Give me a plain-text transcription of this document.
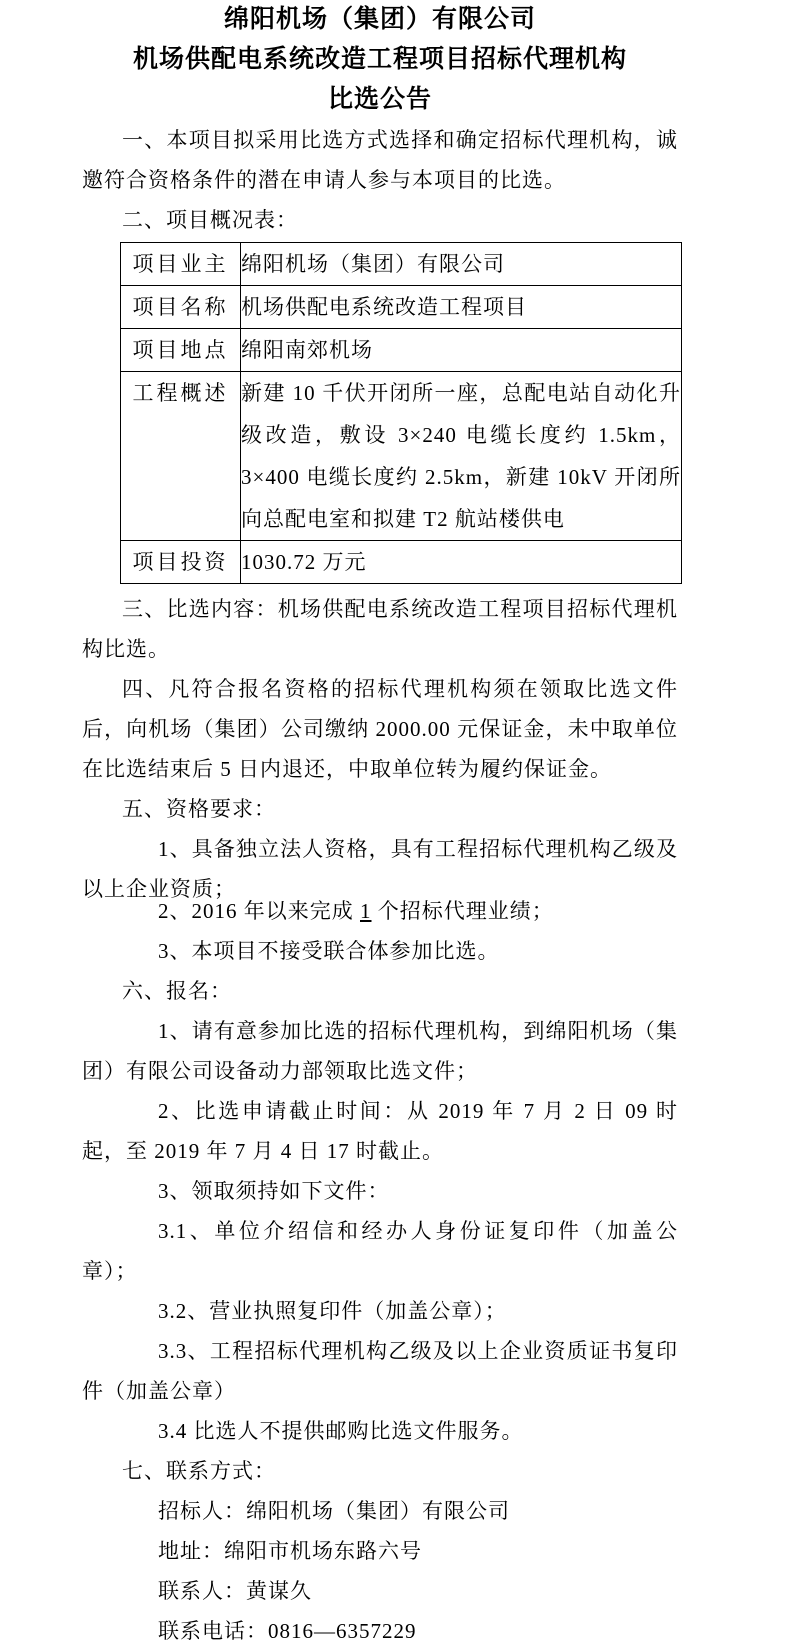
绵阳机场（集团）有限公司
机场供配电系统改造工程项目招标代理机构
比选公告
一、本项目拟采用比选方式选择和确定招标代理机构，诚邀符合资格条件的潜在申请人参与本项目的比选。
二、项目概况表：
项目业主	绵阳机场（集团）有限公司
项目名称	机场供配电系统改造工程项目
项目地点	绵阳南郊机场
工程概述	新建 10 千伏开闭所一座，总配电站自动化升级改造，敷设 3×240 电缆长度约 1.5km，3×400 电缆长度约 2.5km，新建 10kV 开闭所向总配电室和拟建 T2 航站楼供电
项目投资	1030.72 万元
三、比选内容：机场供配电系统改造工程项目招标代理机构比选。
四、凡符合报名资格的招标代理机构须在领取比选文件后，向机场（集团）公司缴纳 2000.00 元保证金，未中取单位在比选结束后 5 日内退还，中取单位转为履约保证金。
五、资格要求：
1、具备独立法人资格，具有工程招标代理机构乙级及以上企业资质；
2、2016 年以来完成 1 个招标代理业绩；
3、本项目不接受联合体参加比选。
六、报名：
1、请有意参加比选的招标代理机构，到绵阳机场（集团）有限公司设备动力部领取比选文件；
2、比选申请截止时间：从 2019 年 7 月 2 日 09 时起，至 2019 年 7 月 4 日 17 时截止。
3、领取须持如下文件：
3.1、单位介绍信和经办人身份证复印件（加盖公章）；
3.2、营业执照复印件（加盖公章）；
3.3、工程招标代理机构乙级及以上企业资质证书复印件（加盖公章）
3.4 比选人不提供邮购比选文件服务。
七、联系方式：
招标人：绵阳机场（集团）有限公司
地址：绵阳市机场东路六号
联系人：黄谋久
联系电话：0816—6357229
